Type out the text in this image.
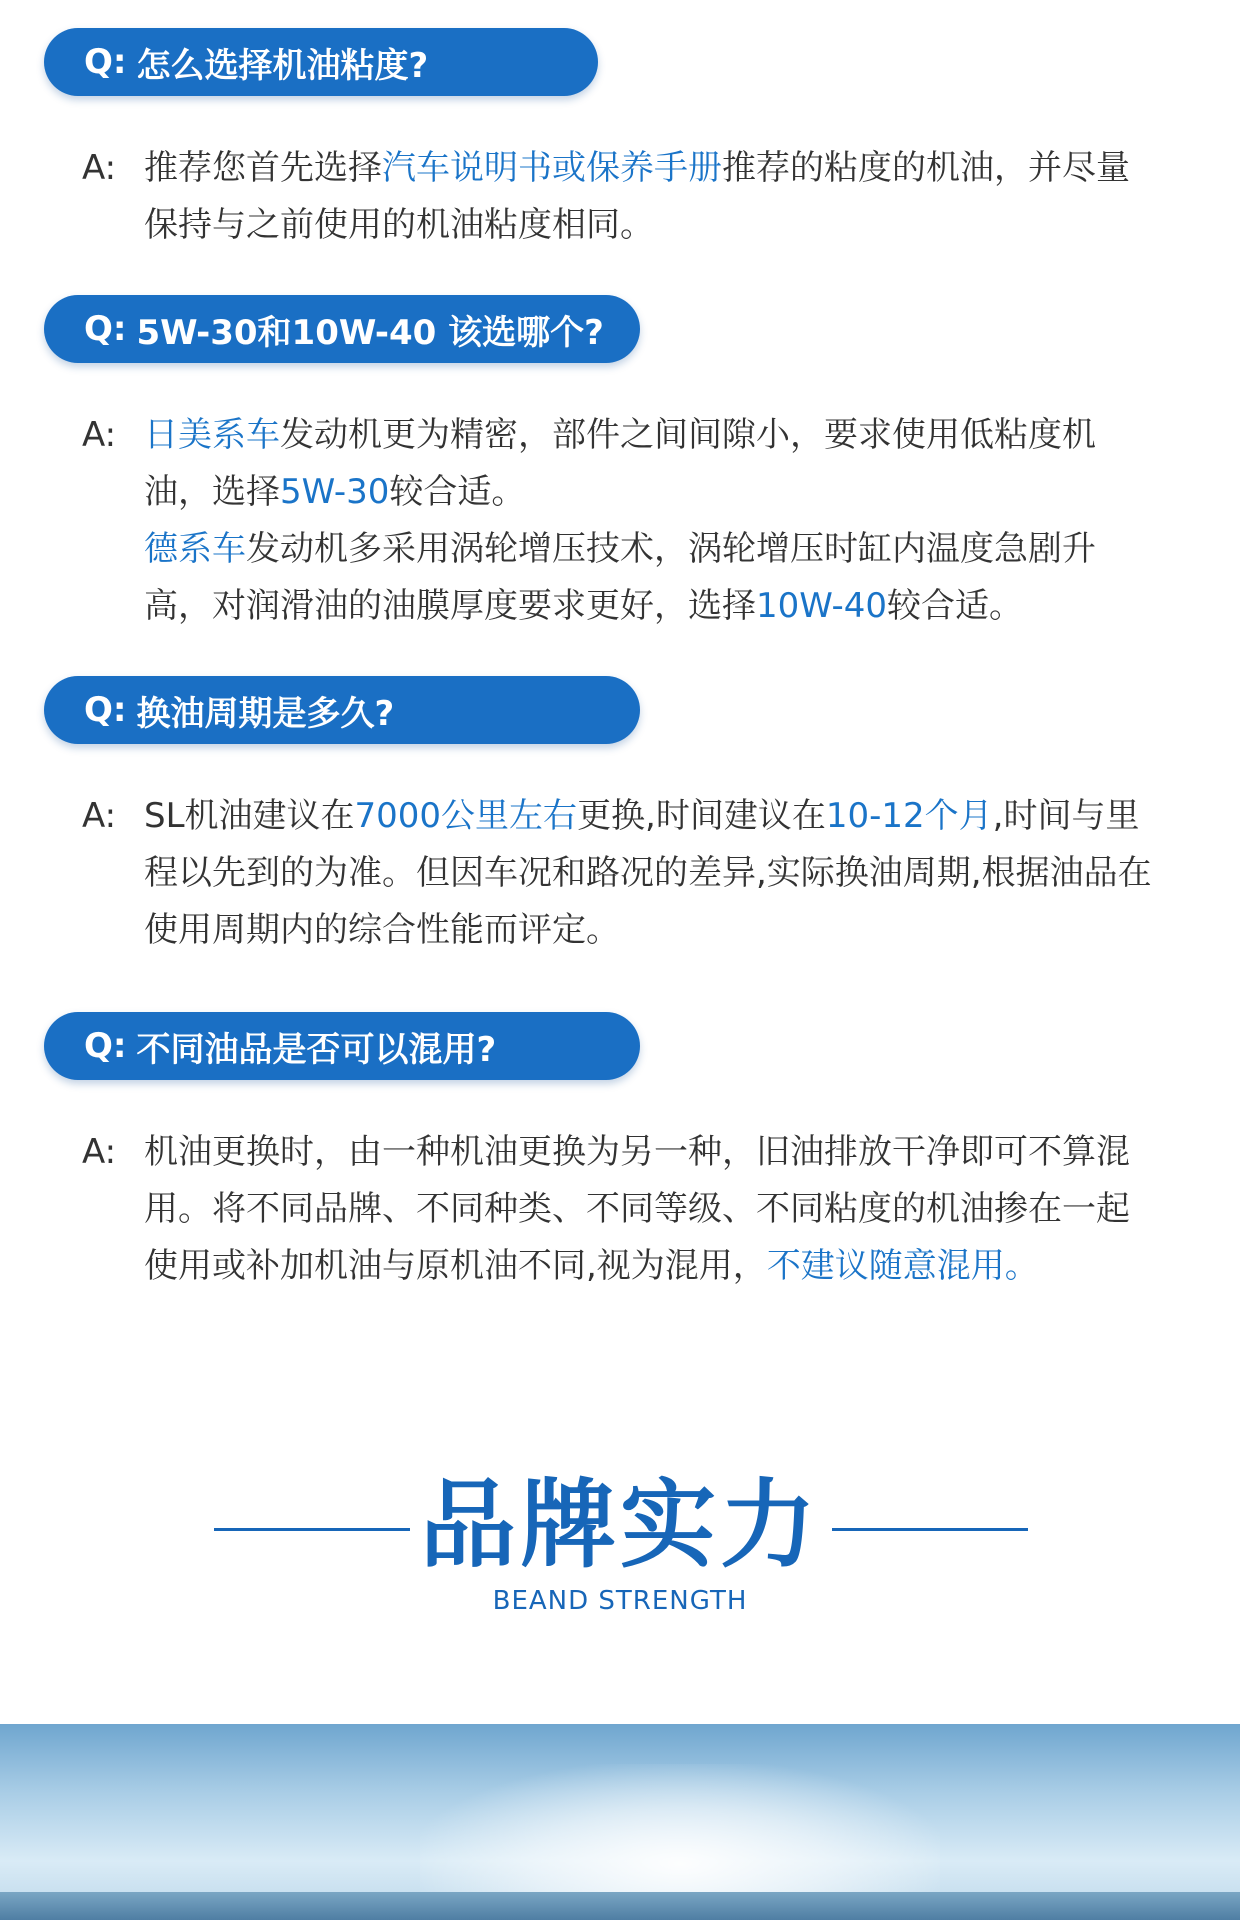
Q: 怎么选择机油粘度?
A: 推荐您首先选择汽车说明书或保养手册推荐的粘度的机油，并尽量保持与之前使用的机油粘度相同。

Q: 5W-30和10W-40 该选哪个?
A: 日美系车发动机更为精密，部件之间间隙小，要求使用低粘度机油，选择5W-30较合适。

德系车发动机多采用涡轮增压技术，涡轮增压时缸内温度急剧升高，对润滑油的油膜厚度要求更好，选择10W-40较合适。

Q: 换油周期是多久?
A: SL机油建议在7000公里左右更换,时间建议在10-12个月,时间与里程以先到的为准。但因车况和路况的差异,实际换油周期,根据油品在使用周期内的综合性能而评定。

Q: 不同油品是否可以混用?
A: 机油更换时，由一种机油更换为另一种，旧油排放干净即可不算混用。将不同品牌、不同种类、不同等级、不同粘度的机油掺在一起使用或补加机油与原机油不同,视为混用，不建议随意混用。

品牌实力
BEAND STRENGTH
